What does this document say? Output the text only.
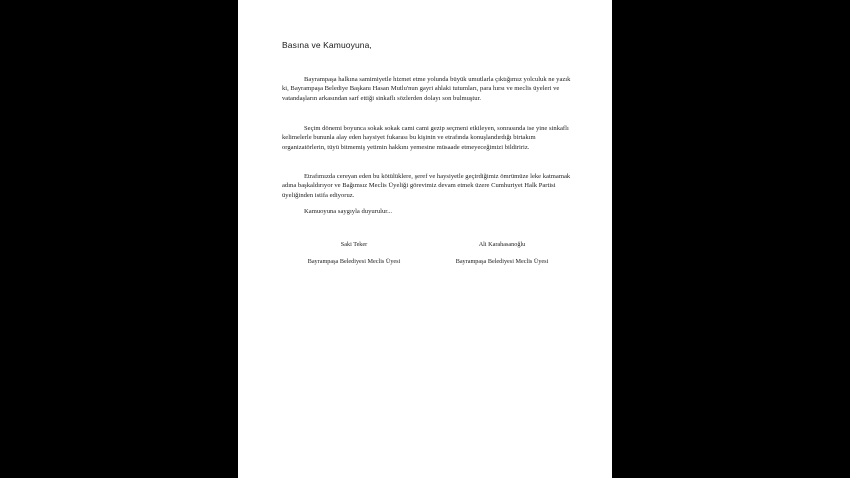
Basına ve Kamuoyuna,

Bayrampaşa halkına samimiyetle hizmet etme yolunda büyük umutlarla çıktığımız yolculuk ne yazık ki, Bayrampaşa Belediye Başkanı Hasan Mutlu'nun gayri ahlaki tutumları, para hırsı ve meclis üyeleri ve vatandaşların arkasından sarf ettiği sinkaflı sözlerden dolayı son bulmuştur.

Seçim dönemi boyunca sokak sokak cami cami gezip seçmeni etkileyen, sonrasında ise yine sinkaflı kelimelerle bununla alay eden haysiyet fukarası bu kişinin ve etrafında konuşlandırdığı birtakım organizatörlerin, tüyü bitmemiş yetimin hakkını yemesine müsaade etmeyeceğimizi bildiririz.

Etrafımızda cereyan eden bu kötülüklere, şeref ve haysiyetle geçirdiğimiz ömrümüze leke katmamak adına başkaldırıyor ve Bağımsız Meclis Üyeliği görevimiz devam etmek üzere Cumhuriyet Halk Partisi üyeliğinden istifa ediyoruz.

Kamuoyuna saygıyla duyurulur...

Saki Teker
Bayrampaşa Belediyesi Meclis Üyesi
Ali Karahasanoğlu
Bayrampaşa Belediyesi Meclis Üyesi
